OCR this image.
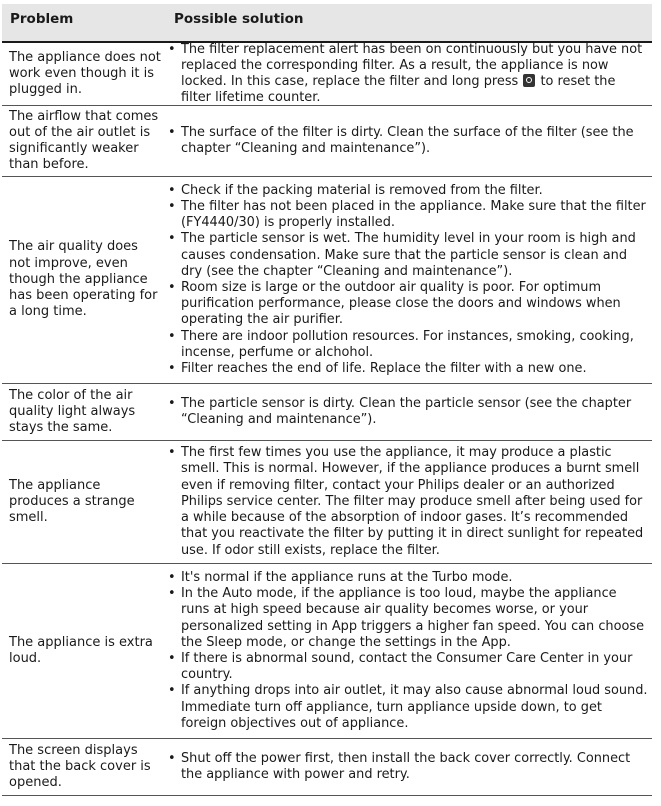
Problem	Possible solution
The appliance does not work even though it is plugged in.
• The filter replacement alert has been on continuously but you have not replaced the corresponding filter. As a result, the appliance is now locked. In this case, replace the filter and long press  to reset the filter lifetime counter.
The airflow that comes out of the air outlet is significantly weaker than before.
• The surface of the filter is dirty. Clean the surface of the filter (see the chapter “Cleaning and maintenance”).
The air quality does not improve, even though the appliance has been operating for a long time.
• Check if the packing material is removed from the filter.
• The filter has not been placed in the appliance. Make sure that the filter (FY4440/30) is properly installed.
• The particle sensor is wet. The humidity level in your room is high and causes condensation. Make sure that the particle sensor is clean and dry (see the chapter “Cleaning and maintenance”).
• Room size is large or the outdoor air quality is poor. For optimum purification performance, please close the doors and windows when operating the air purifier.
• There are indoor pollution resources. For instances, smoking, cooking, incense, perfume or alchohol.
• Filter reaches the end of life. Replace the filter with a new one.
The color of the air quality light always stays the same.
• The particle sensor is dirty. Clean the particle sensor (see the chapter “Cleaning and maintenance”).
The appliance produces a strange smell.
• The first few times you use the appliance, it may produce a plastic smell. This is normal. However, if the appliance produces a burnt smell even if removing filter, contact your Philips dealer or an authorized Philips service center. The filter may produce smell after being used for a while because of the absorption of indoor gases. It’s recommended that you reactivate the filter by putting it in direct sunlight for repeated use. If odor still exists, replace the filter.
The appliance is extra loud.
• It's normal if the appliance runs at the Turbo mode.
• In the Auto mode, if the appliance is too loud, maybe the appliance runs at high speed because air quality becomes worse, or your personalized setting in App triggers a higher fan speed. You can choose the Sleep mode, or change the settings in the App.
• If there is abnormal sound, contact the Consumer Care Center in your country.
• If anything drops into air outlet, it may also cause abnormal loud sound. Immediate turn off appliance, turn appliance upside down, to get foreign objectives out of appliance.
The screen displays that the back cover is opened.
• Shut off the power first, then install the back cover correctly. Connect the appliance with power and retry.
